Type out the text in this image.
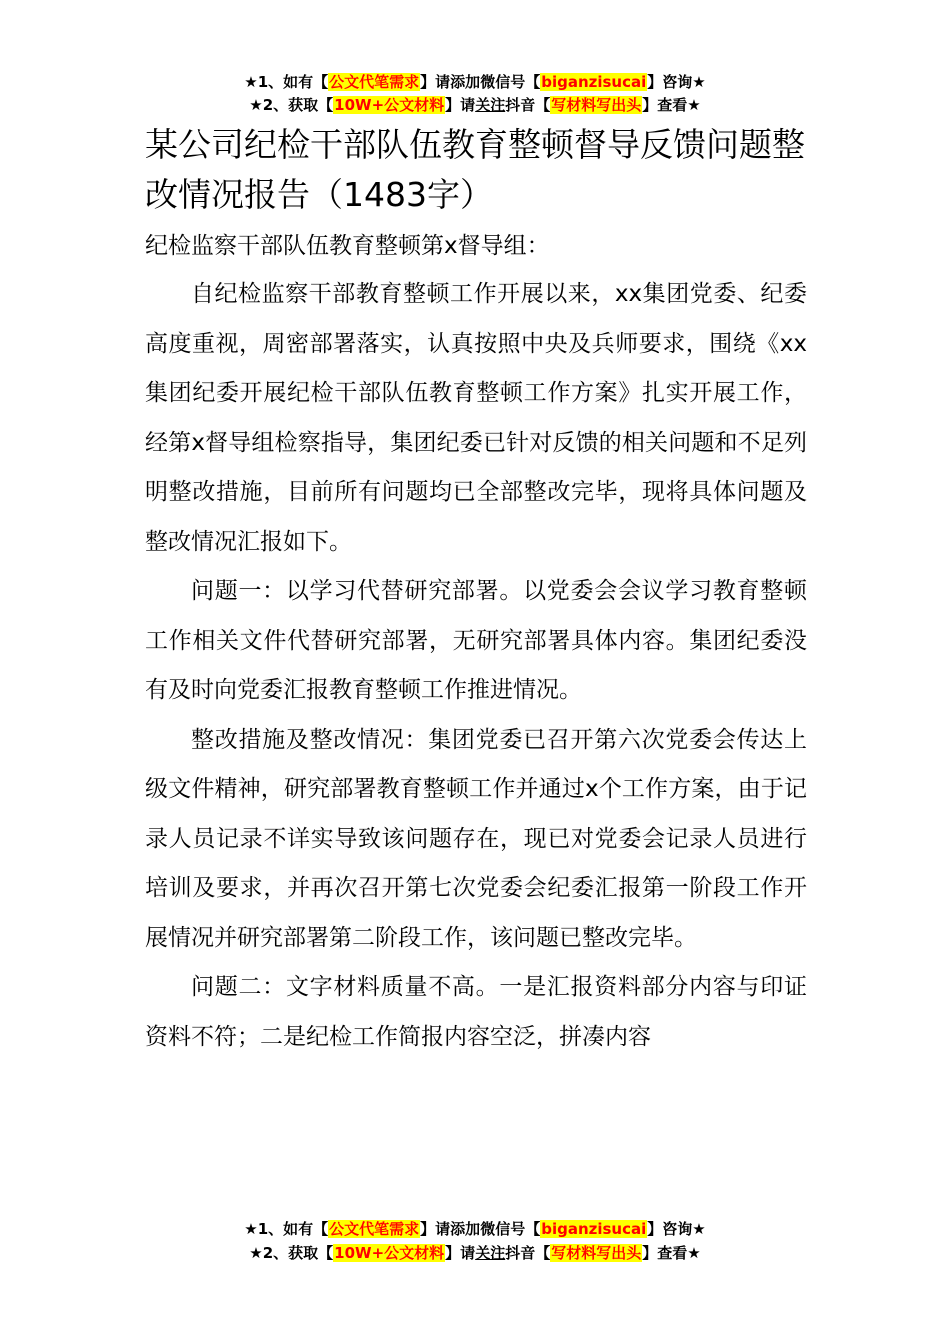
★1、如有【公文代笔需求】请添加微信号【biganzisucai】咨询★
★2、获取【10W+公文材料】请关注抖音【写材料写出头】查看★
某公司纪检干部队伍教育整顿督导反馈问题整改情况报告（1483字）

纪检监察干部队伍教育整顿第x督导组：

自纪检监察干部教育整顿工作开展以来，xx集团党委、纪委高度重视，周密部署落实，认真按照中央及兵师要求，围绕《xx集团纪委开展纪检干部队伍教育整顿工作方案》扎实开展工作，经第x督导组检察指导，集团纪委已针对反馈的相关问题和不足列明整改措施，目前所有问题均已全部整改完毕，现将具体问题及整改情况汇报如下。

问题一：以学习代替研究部署。以党委会会议学习教育整顿工作相关文件代替研究部署，无研究部署具体内容。集团纪委没有及时向党委汇报教育整顿工作推进情况。

整改措施及整改情况：集团党委已召开第六次党委会传达上级文件精神，研究部署教育整顿工作并通过x个工作方案，由于记录人员记录不详实导致该问题存在，现已对党委会记录人员进行培训及要求，并再次召开第七次党委会纪委汇报第一阶段工作开展情况并研究部署第二阶段工作，该问题已整改完毕。

问题二：文字材料质量不高。一是汇报资料部分内容与印证资料不符；二是纪检工作简报内容空泛，拼凑内容

★1、如有【公文代笔需求】请添加微信号【biganzisucai】咨询★
★2、获取【10W+公文材料】请关注抖音【写材料写出头】查看★
